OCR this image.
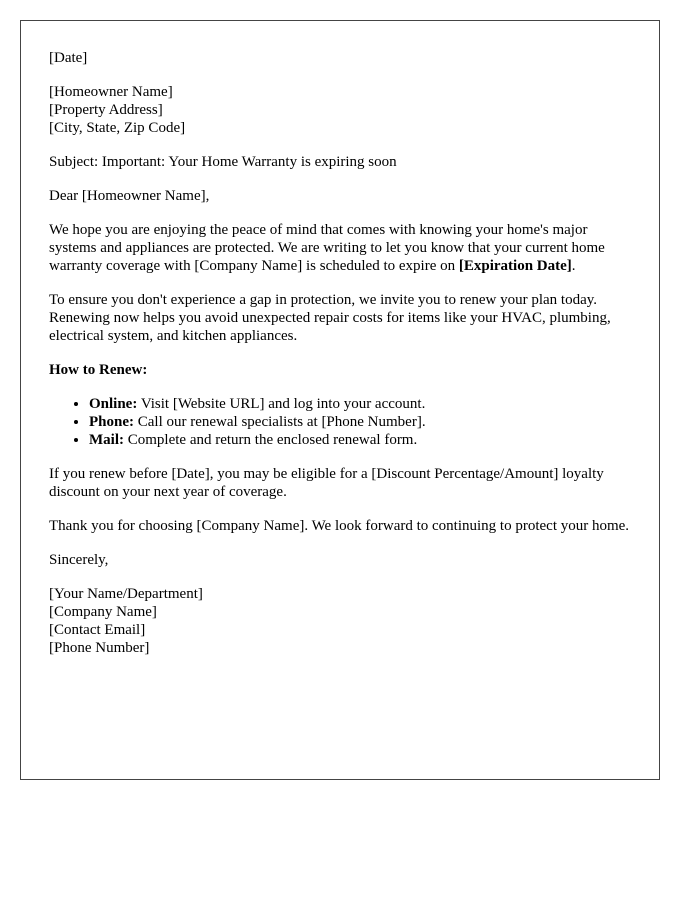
[Date]
[Homeowner Name]
[Property Address]
[City, State, Zip Code]

Subject: Important: Your Home Warranty is expiring soon

Dear [Homeowner Name],

We hope you are enjoying the peace of mind that comes with knowing your home's major systems and appliances are protected. We are writing to let you know that your current home warranty coverage with [Company Name] is scheduled to expire on [Expiration Date].

To ensure you don't experience a gap in protection, we invite you to renew your plan today. Renewing now helps you avoid unexpected repair costs for items like your HVAC, plumbing, electrical system, and kitchen appliances.

How to Renew:

• Online: Visit [Website URL] and log into your account.
• Phone: Call our renewal specialists at [Phone Number].
• Mail: Complete and return the enclosed renewal form.

If you renew before [Date], you may be eligible for a [Discount Percentage/Amount] loyalty discount on your next year of coverage.

Thank you for choosing [Company Name]. We look forward to continuing to protect your home.

Sincerely,

[Your Name/Department]
[Company Name]
[Contact Email]
[Phone Number]
